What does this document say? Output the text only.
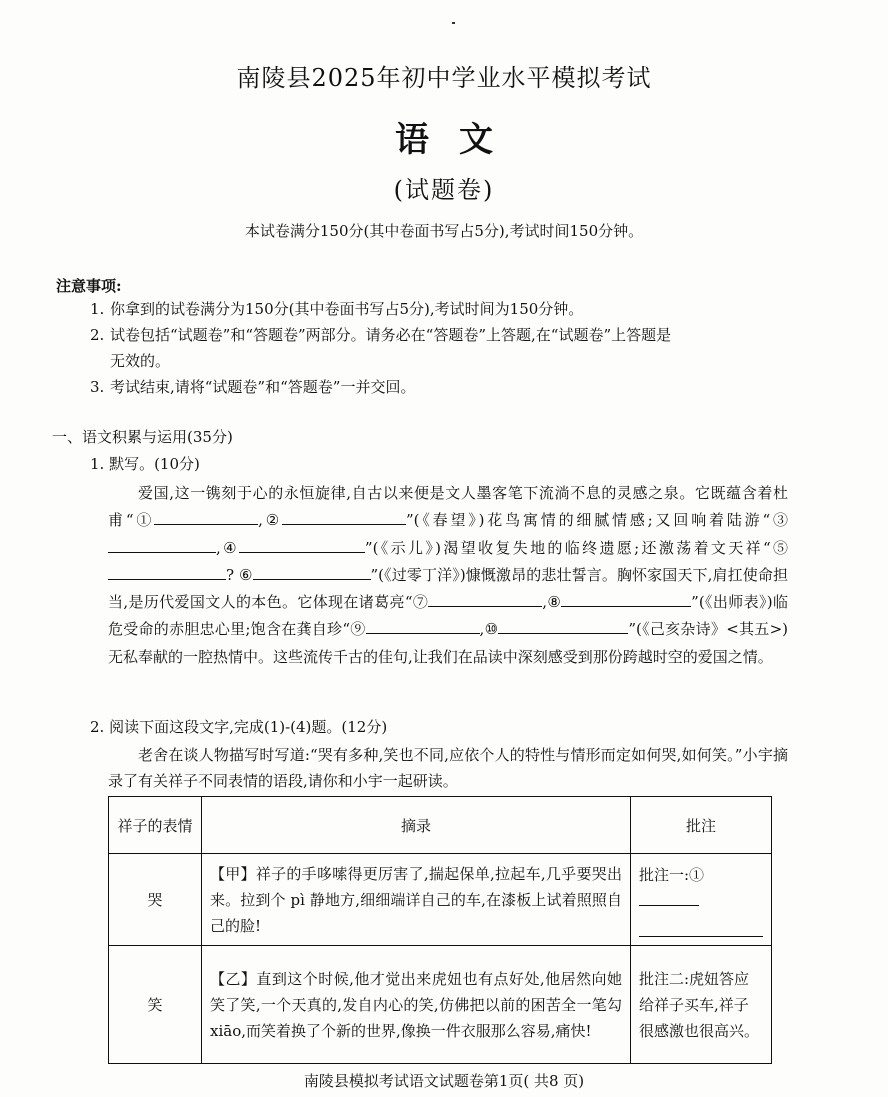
南陵县2025年初中学业水平模拟考试
语文
(试题卷)
本试卷满分150分(其中卷面书写占5分),考试时间150分钟。
注意事项:
1. 你拿到的试卷满分为150分(其中卷面书写占5分),考试时间为150分钟。
2. 试卷包括“试题卷”和“答题卷”两部分。请务必在“答题卷”上答题,在“试题卷”上答题是
无效的。
3. 考试结束,请将“试题卷”和“答题卷”一并交回。
一、语文积累与运用(35分)
1. 默写。(10分)

爱国,这一镌刻于心的永恒旋律,自古以来便是文人墨客笔下流淌不息的灵感之泉。它既蕴含着杜甫“①	,②	”(《春望》)花鸟寓情的细腻情感;又回响着陆游“③,④	”(《示儿》)渴望收复失地的临终遗愿;还激荡着文天祥“⑤? ⑥	”(《过零丁洋》)慷慨激昂的悲壮誓言。胸怀家国天下,肩扛使命担当,是历代爱国文人的本色。它体现在诸葛亮“⑦	,⑧	”(《出师表》)临危受命的赤胆忠心里;饱含在龚自珍“⑨	,⑩	”(《己亥杂诗》<其五>)无私奉献的一腔热情中。这些流传千古的佳句,让我们在品读中深刻感受到那份跨越时空的爱国之情。

2. 阅读下面这段文字,完成(1)-(4)题。(12分)
老舍在谈人物描写时写道:“哭有多种,笑也不同,应依个人的特性与情形而定如何哭,如何笑。”小宇摘录了有关祥子不同表情的语段,请你和小宇一起研读。
祥子的表情	摘录	批注
哭	【甲】祥子的手哆嗦得更厉害了,揣起保单,拉起车,几乎要哭出来。拉到个 pì 静地方,细细端详自己的车,在漆板上试着照照自己的脸!	批注一:①

笑	【乙】直到这个时候,他才觉出来虎妞也有点好处,他居然向她笑了笑,一个天真的,发自内心的笑,仿佛把以前的困苦全一笔勾 xiāo,而笑着换了个新的世界,像换一件衣服那么容易,痛快!	批注二:虎妞答应给祥子买车,祥子很感激也很高兴。
南陵县模拟考试语文试题卷第1页( 共8 页)
